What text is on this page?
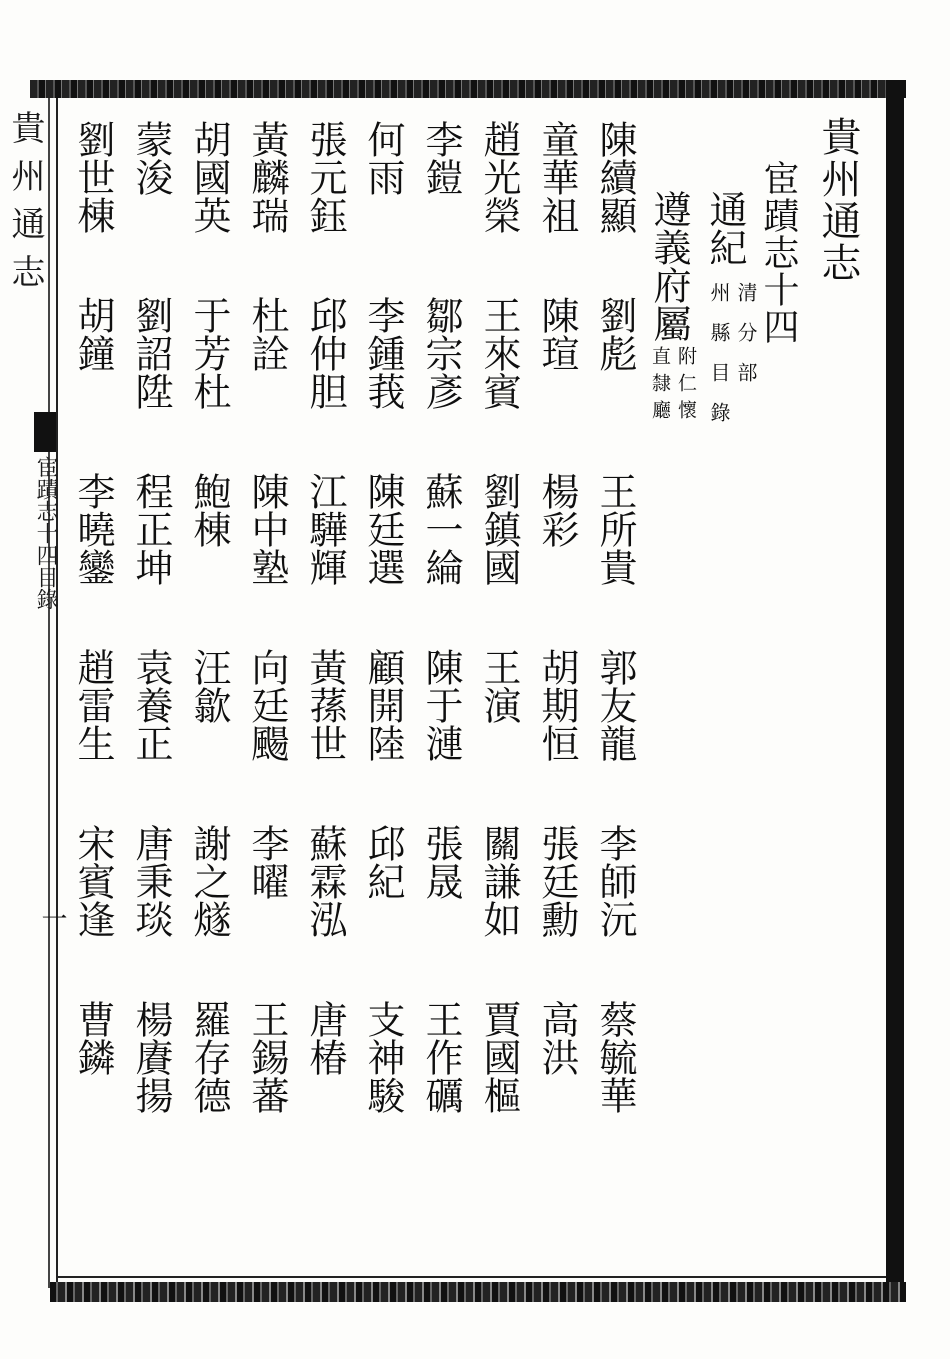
貴州通志
宦蹟志十四
通紀
清分部
州縣目錄
遵義府屬
附仁懷
直隸廳
陳續顯
劉彪
王所貴
郭友龍
李師沅
蔡毓華
童華祖
陳瑄
楊彩
胡期恒
張廷勳
高洪
趙光榮
王來賓
劉鎮國
王演
關謙如
賈國樞
李鎧
鄒宗彥
蘇一綸
陳于漣
張晟
王作礪
何雨
李鍾莪
陳廷選
顧開陸
邱紀
支神駿
張元鈺
邱仲胆
江驊輝
黃蓀世
蘇霖泓
唐椿
黃麟瑞
杜詮
陳中塾
向廷颺
李曜
王錫蕃
胡國英
于芳杜
鮑棟
汪歙
謝之燧
羅存德
蒙浚
劉詔陞
程正坤
袁養正
唐秉琰
楊賡揚
劉世棟
胡鐘
李曉鑾
趙雷生
宋賓逢
曹鏻
貴州通志
宦蹟志十四目錄
一
